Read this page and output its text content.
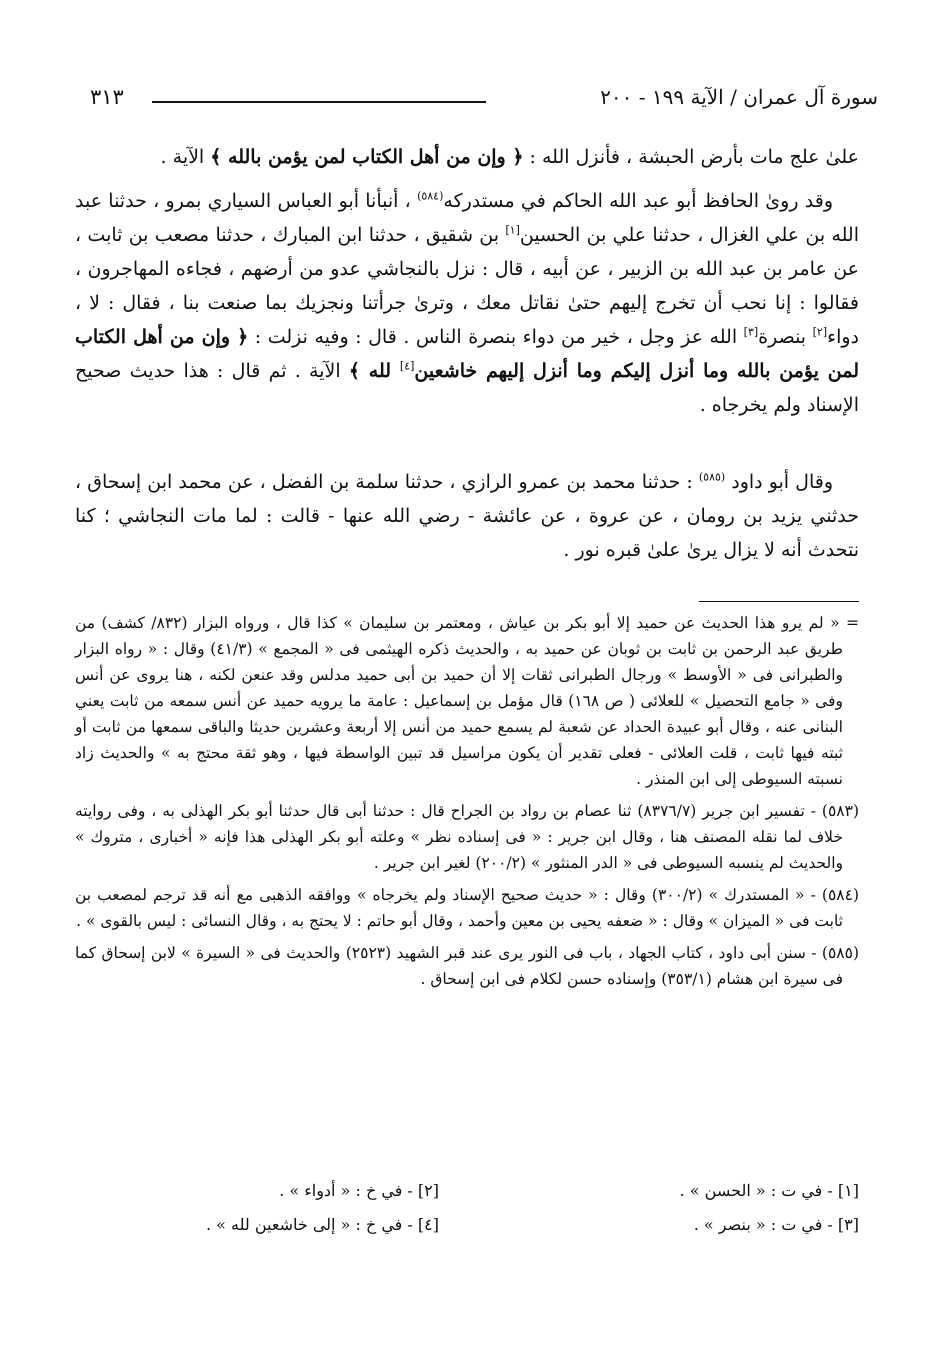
سورة آل عمران / الآية ١٩٩ - ٢٠٠
٣١٣

علىٰ علج مات بأرض الحبشة ، فأنزل الله : ﴿ وإن من أهل الكتاب لمن يؤمن بالله ﴾ الآية .

وقد روىٰ الحافظ أبو عبد الله الحاكم في مستدركه$^{(٥٨٤)}$ ، أنبأنا أبو العباس السياري بمرو ، حدثنا عبد الله بن علي الغزال ، حدثنا علي بن الحسين[١] بن شقيق ، حدثنا ابن المبارك ، حدثنا مصعب بن ثابت ، عن عامر بن عبد الله بن الزبير ، عن أبيه ، قال : نزل بالنجاشي عدو من أرضهم ، فجاءه المهاجرون ، فقالوا : إنا نحب أن تخرج إليهم حتىٰ نقاتل معك ، وترىٰ جرأتنا ونجزيك بما صنعت بنا ، فقال : لا ، دواء[٢] بنصرة[٣] الله عز وجل ، خير من دواء بنصرة الناس . قال : وفيه نزلت : ﴿ وإن من أهل الكتاب لمن يؤمن بالله وما أنزل إليكم وما أنزل إليهم خاشعين[٤] لله ﴾ الآية . ثم قال : هذا حديث صحيح الإسناد ولم يخرجاه .

وقال أبو داود $^{(٥٨٥)}$ : حدثنا محمد بن عمرو الرازي ، حدثنا سلمة بن الفضل ، عن محمد ابن إسحاق ، حدثني يزيد بن رومان ، عن عروة ، عن عائشة - رضي الله عنها - قالت : لما مات النجاشي ؛ كنا نتحدث أنه لا يزال يرىٰ علىٰ قبره نور .

= « لم يرو هذا الحديث عن حميد إلا أبو بكر بن عياش ، ومعتمر بن سليمان » كذا قال ، ورواه البزار (٨٣٢/ كشف) من طريق عبد الرحمن بن ثابت بن ثوبان عن حميد به ، والحديث ذكره الهيثمى فى « المجمع » (٤١/٣) وقال : « رواه البزار والطبرانى فى « الأوسط » ورجال الطبرانى ثقات إلا أن حميد بن أبى حميد مدلس وقد عنعن لكنه ، هنا يروى عن أنس وفى « جامع التحصيل » للعلائى ( ص ١٦٨) قال مؤمل بن إسماعيل : عامة ما يرويه حميد عن أنس سمعه من ثابت يعني البنانى عنه ، وقال أبو عبيدة الحداد عن شعبة لم يسمع حميد من أنس إلا أربعة وعشرين حديثا والباقى سمعها من ثابت أو ثبته فيها ثابت ، قلت العلائى - فعلى تقدير أن يكون مراسيل قد تبين الواسطة فيها ، وهو ثقة محتج به » والحديث زاد نسبته السيوطى إلى ابن المنذر .

(٥٨٣) - تفسير ابن جرير (٨٣٧٦/٧) ثنا عصام بن رواد بن الجراح قال : حدثنا أبى قال حدثنا أبو بكر الهذلى به ، وفى روايته خلاف لما نقله المصنف هنا ، وقال ابن جرير : « فى إسناده نظر » وعلته أبو بكر الهذلى هذا فإنه « أخبارى ، متروك » والحديث لم ينسبه السيوطى فى « الدر المنثور » (٢٠٠/٢) لغير ابن جرير .

(٥٨٤) - « المستدرك » (٣٠٠/٢) وقال : « حديث صحيح الإسناد ولم يخرجاه » ووافقه الذهبى مع أنه قد ترجم لمصعب بن ثابت فى « الميزان » وقال : « ضعفه يحيى بن معين وأحمد ، وقال أبو حاتم : لا يحتج به ، وقال النسائى : ليس بالقوى » .

(٥٨٥) - سنن أبى داود ، كتاب الجهاد ، باب فى النور يرى عند قبر الشهيد (٢٥٢٣) والحديث فى « السيرة » لابن إسحاق كما فى سيرة ابن هشام (٣٥٣/١) وإسناده حسن لكلام فى ابن إسحاق .

[١] - في ت : « الحسن » .
[٢] - في خ : « أدواء » .
[٣] - في ت : « بنصر » .
[٤] - في خ : « إلى خاشعين لله » .
